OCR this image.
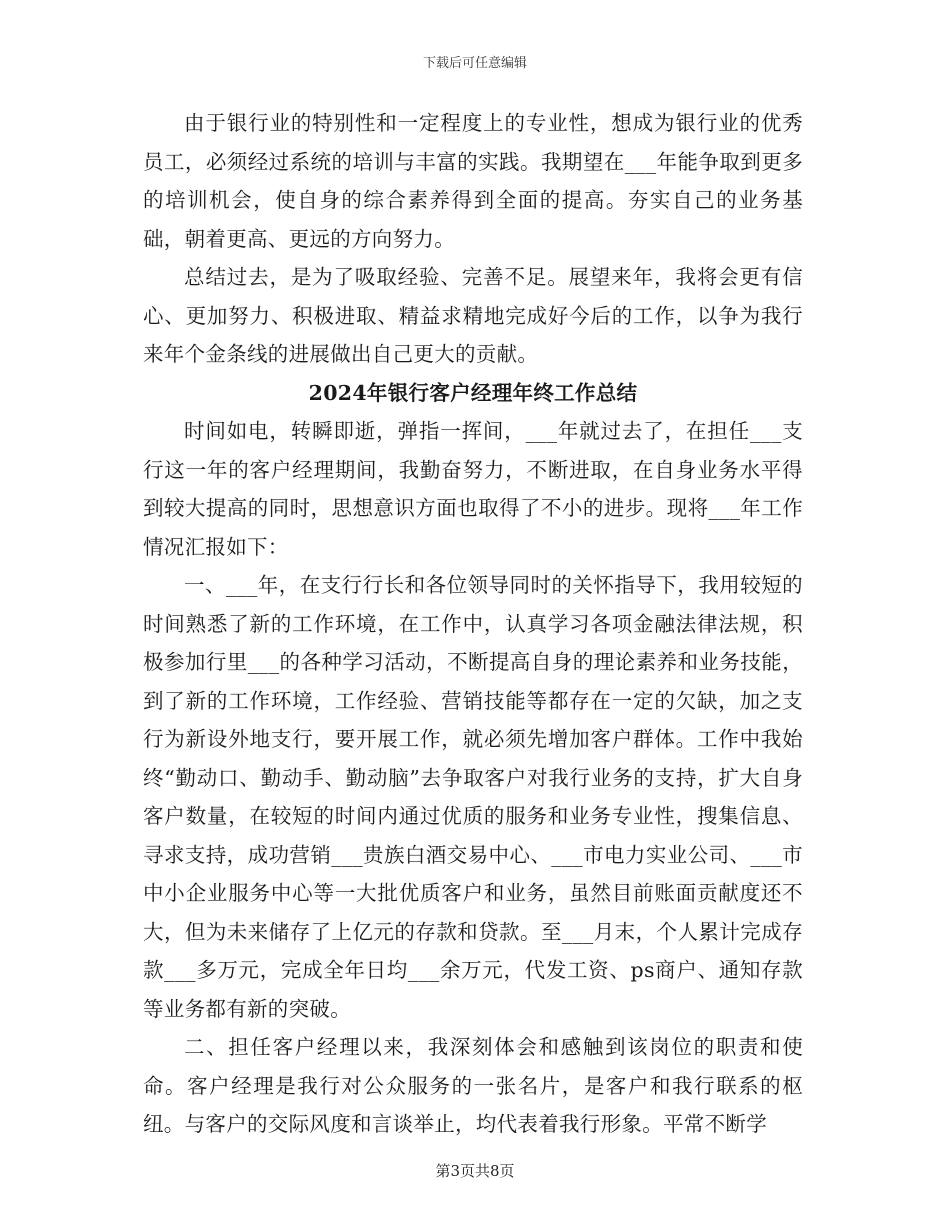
下载后可任意编辑

由于银行业的特别性和一定程度上的专业性，想成为银行业的优秀员工，必须经过系统的培训与丰富的实践。我期望在___年能争取到更多的培训机会，使自身的综合素养得到全面的提高。夯实自己的业务基础，朝着更高、更远的方向努力。

总结过去，是为了吸取经验、完善不足。展望来年，我将会更有信心、更加努力、积极进取、精益求精地完成好今后的工作，以争为我行来年个金条线的进展做出自己更大的贡献。

2024年银行客户经理年终工作总结

时间如电，转瞬即逝，弹指一挥间，___年就过去了，在担任___支行这一年的客户经理期间，我勤奋努力，不断进取，在自身业务水平得到较大提高的同时，思想意识方面也取得了不小的进步。现将___年工作情况汇报如下：

一、___年，在支行行长和各位领导同时的关怀指导下，我用较短的时间熟悉了新的工作环境，在工作中，认真学习各项金融法律法规，积极参加行里___的各种学习活动，不断提高自身的理论素养和业务技能，到了新的工作环境，工作经验、营销技能等都存在一定的欠缺，加之支行为新设外地支行，要开展工作，就必须先增加客户群体。工作中我始终“勤动口、勤动手、勤动脑”去争取客户对我行业务的支持，扩大自身客户数量，在较短的时间内通过优质的服务和业务专业性，搜集信息、寻求支持，成功营销___贵族白酒交易中心、___市电力实业公司、___市中小企业服务中心等一大批优质客户和业务，虽然目前账面贡献度还不大，但为未来储存了上亿元的存款和贷款。至___月末，个人累计完成存款___多万元，完成全年日均___余万元，代发工资、ps商户、通知存款等业务都有新的突破。

二、担任客户经理以来，我深刻体会和感触到该岗位的职责和使命。客户经理是我行对公众服务的一张名片，是客户和我行联系的枢纽。与客户的交际风度和言谈举止，均代表着我行形象。平常不断学

第3页共8页
